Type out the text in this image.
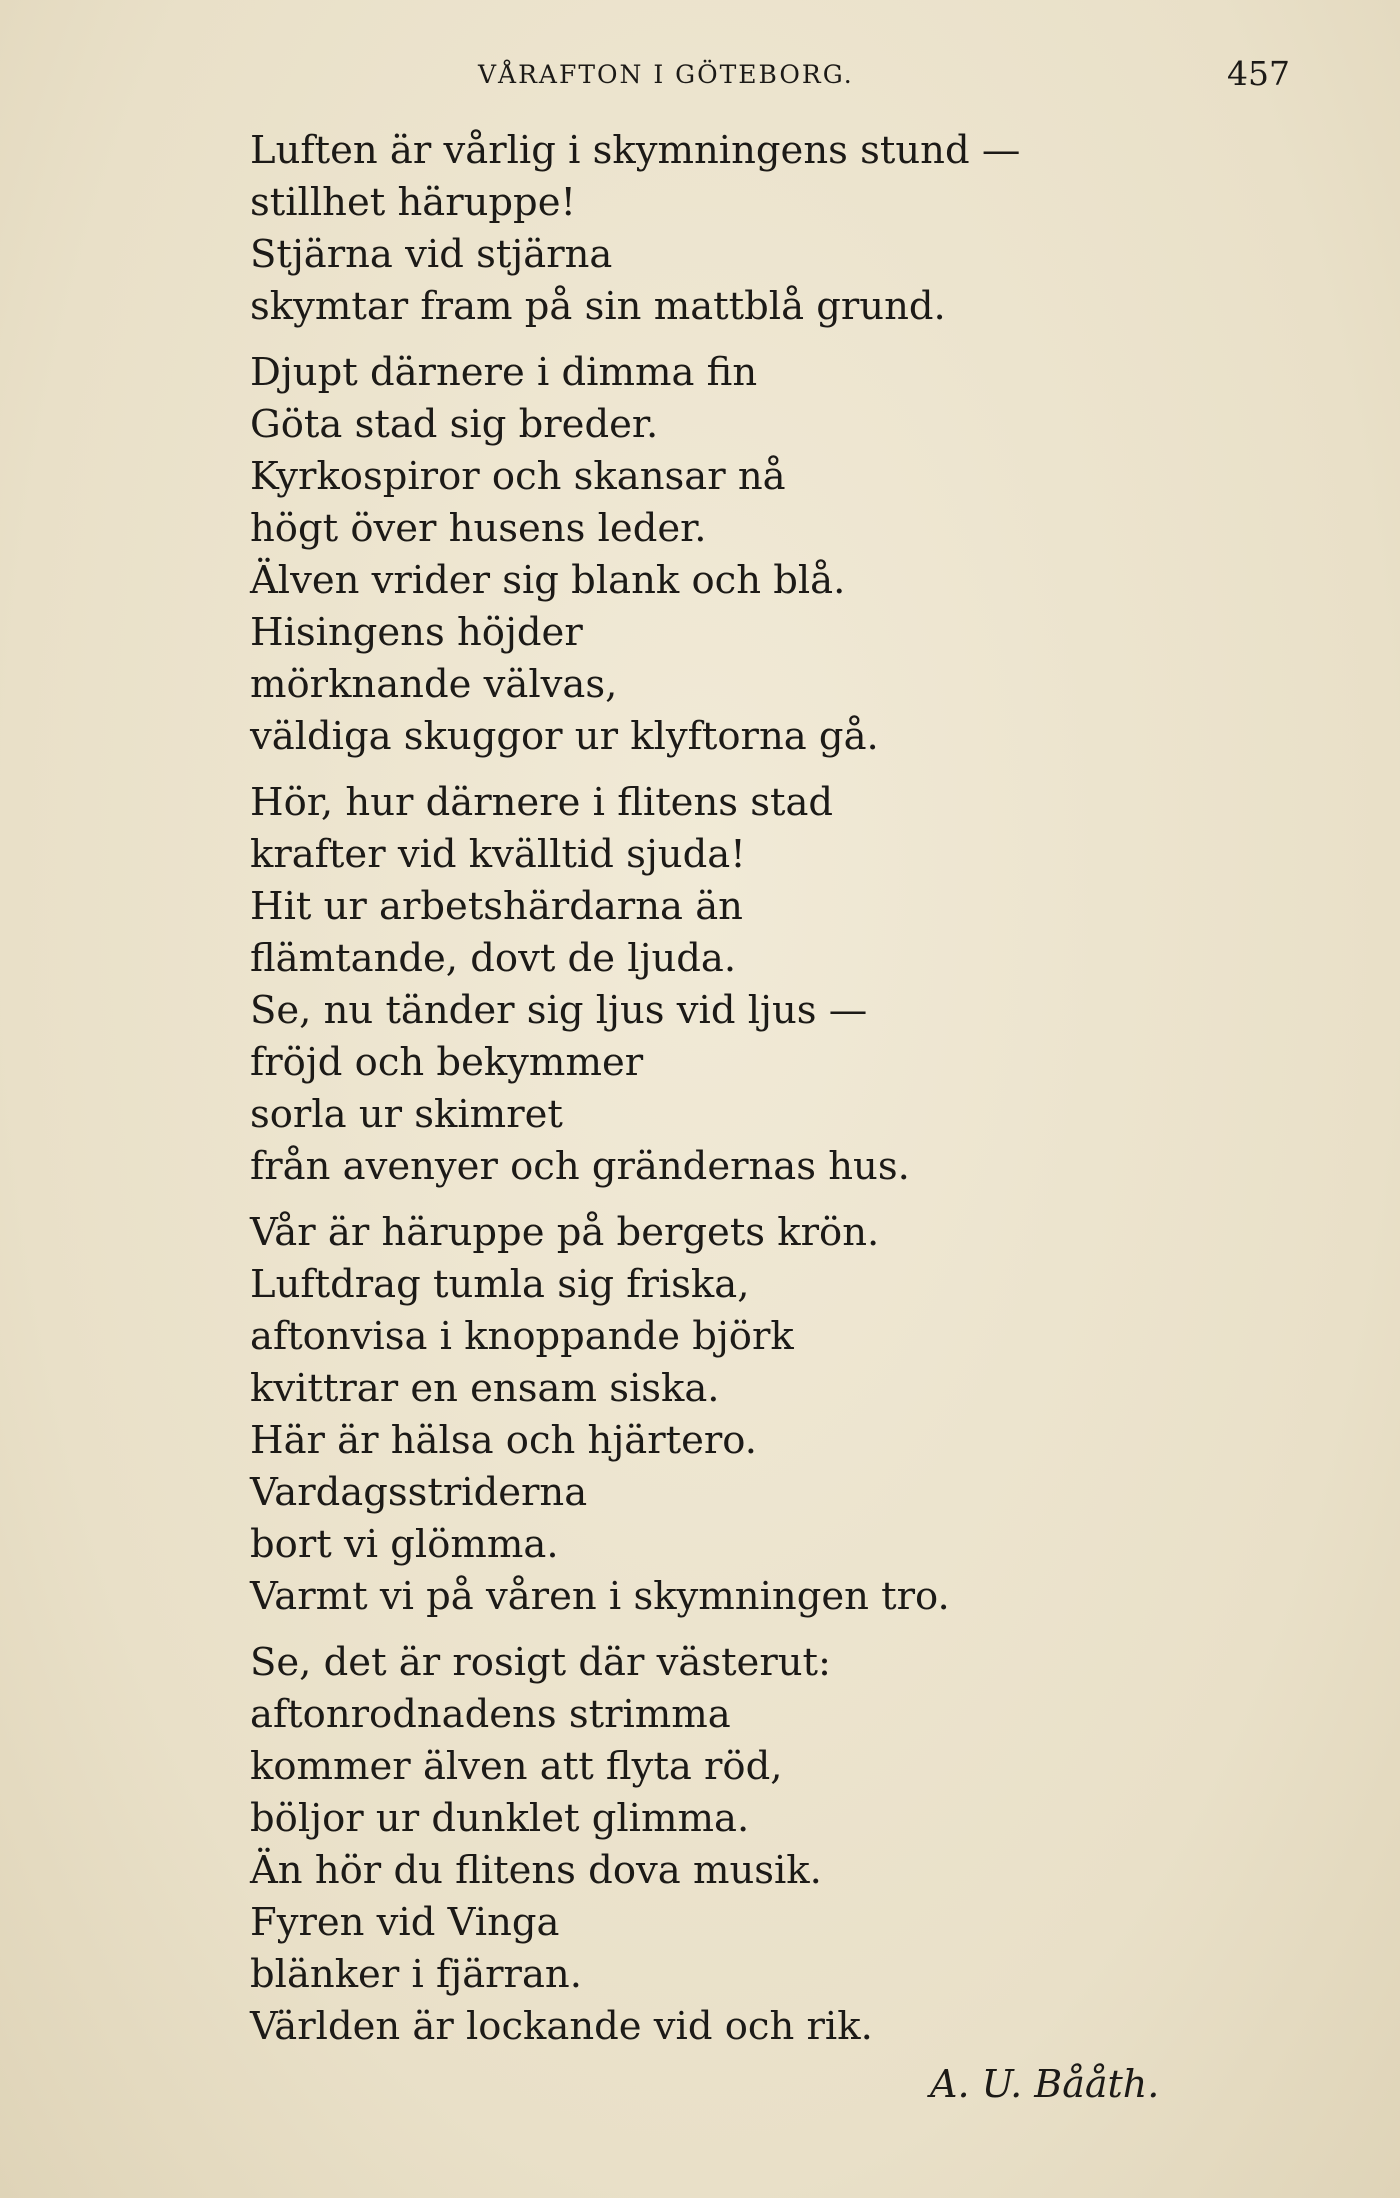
VÅRAFTON I GÖTEBORG.	457
Luften är vårlig i skymningens stund —
stillhet häruppe!
Stjärna vid stjärna
skymtar fram på sin mattblå grund.
Djupt därnere i dimma fin
Göta stad sig breder.
Kyrkospiror och skansar nå
högt över husens leder.
Älven vrider sig blank och blå.
Hisingens höjder
mörknande välvas,
väldiga skuggor ur klyftorna gå.
Hör, hur därnere i flitens stad
krafter vid kvälltid sjuda!
Hit ur arbetshärdarna än
flämtande, dovt de ljuda.
Se, nu tänder sig ljus vid ljus —
fröjd och bekymmer
sorla ur skimret
från avenyer och grändernas hus.
Vår är häruppe på bergets krön.
Luftdrag tumla sig friska,
aftonvisa i knoppande björk
kvittrar en ensam siska.
Här är hälsa och hjärtero.
Vardagsstriderna
bort vi glömma.
Varmt vi på våren i skymningen tro.
Se, det är rosigt där västerut:
aftonrodnadens strimma
kommer älven att flyta röd,
böljor ur dunklet glimma.
Än hör du flitens dova musik.
Fyren vid Vinga
blänker i fjärran.
Världen är lockande vid och rik.
A. U. Bååth.
